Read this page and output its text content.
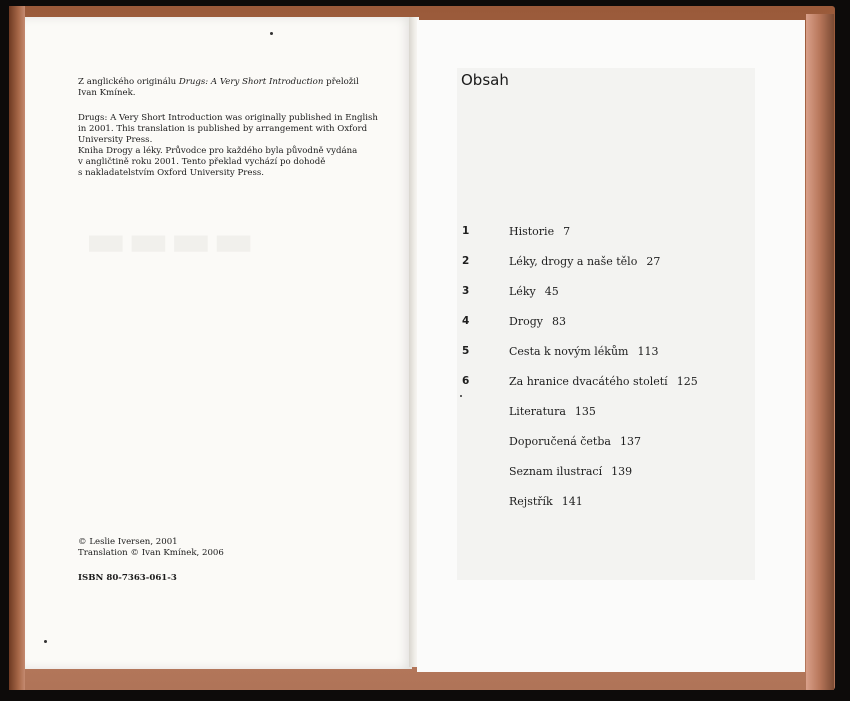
▬▬▬▬

Z anglického originálu Drugs: A Very Short Introduction přeložil

Ivan Kmínek.

Drugs: A Very Short Introduction was originally published in English

in 2001. This translation is published by arrangement with Oxford

University Press.

Kniha Drogy a léky. Průvodce pro každého byla původně vydána

v angličtině roku 2001. Tento překlad vychází po dohodě

s nakladatelstvím Oxford University Press.

© Leslie Iversen, 2001

Translation © Ivan Kmínek, 2006

ISBN 80-7363-061-3
Obsah
1	Historie 7
2	Léky, drogy a naše tělo 27
3	Léky 45
4	Drogy 83
5	Cesta k novým lékům 113
6	Za hranice dvacátého století 125
Literatura 135
Doporučená četba 137
Seznam ilustrací 139
Rejstřík 141
